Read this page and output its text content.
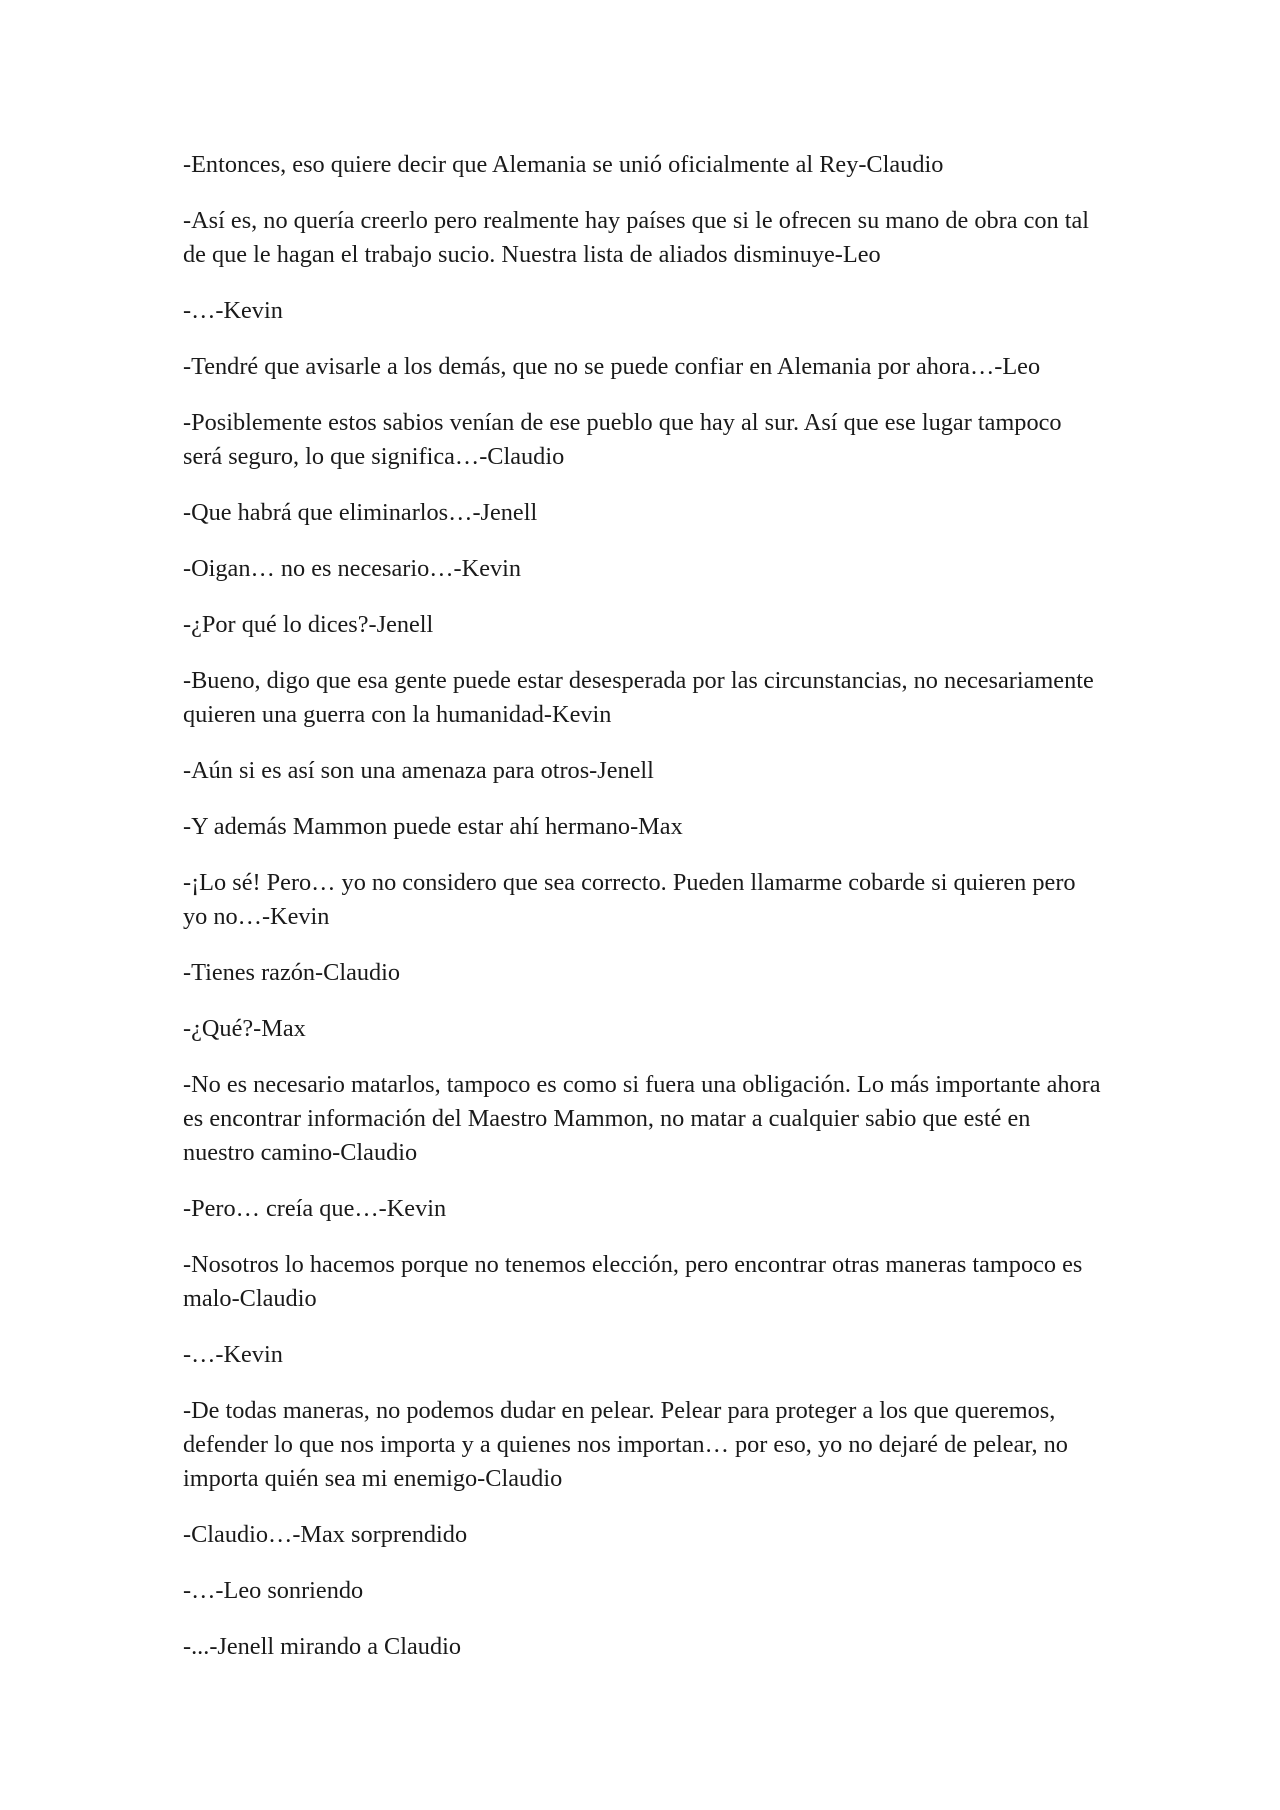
-Entonces, eso quiere decir que Alemania se unió oficialmente al Rey-Claudio

-Así es, no quería creerlo pero realmente hay países que si le ofrecen su mano de obra con tal de que le hagan el trabajo sucio. Nuestra lista de aliados disminuye-Leo

-…-Kevin

-Tendré que avisarle a los demás, que no se puede confiar en Alemania por ahora…-Leo

-Posiblemente estos sabios venían de ese pueblo que hay al sur. Así que ese lugar tampoco será seguro, lo que significa…-Claudio

-Que habrá que eliminarlos…-Jenell

-Oigan… no es necesario…-Kevin

-¿Por qué lo dices?-Jenell

-Bueno, digo que esa gente puede estar desesperada por las circunstancias, no necesariamente quieren una guerra con la humanidad-Kevin

-Aún si es así son una amenaza para otros-Jenell

-Y además Mammon puede estar ahí hermano-Max

-¡Lo sé! Pero… yo no considero que sea correcto. Pueden llamarme cobarde si quieren pero yo no…-Kevin

-Tienes razón-Claudio

-¿Qué?-Max

-No es necesario matarlos, tampoco es como si fuera una obligación. Lo más importante ahora es encontrar información del Maestro Mammon, no matar a cualquier sabio que esté en nuestro camino-Claudio

-Pero… creía que…-Kevin

-Nosotros lo hacemos porque no tenemos elección, pero encontrar otras maneras tampoco es malo-Claudio

-…-Kevin

-De todas maneras, no podemos dudar en pelear. Pelear para proteger a los que queremos, defender lo que nos importa y a quienes nos importan… por eso, yo no dejaré de pelear, no importa quién sea mi enemigo-Claudio

-Claudio…-Max sorprendido

-…-Leo sonriendo

-...-Jenell mirando a Claudio
